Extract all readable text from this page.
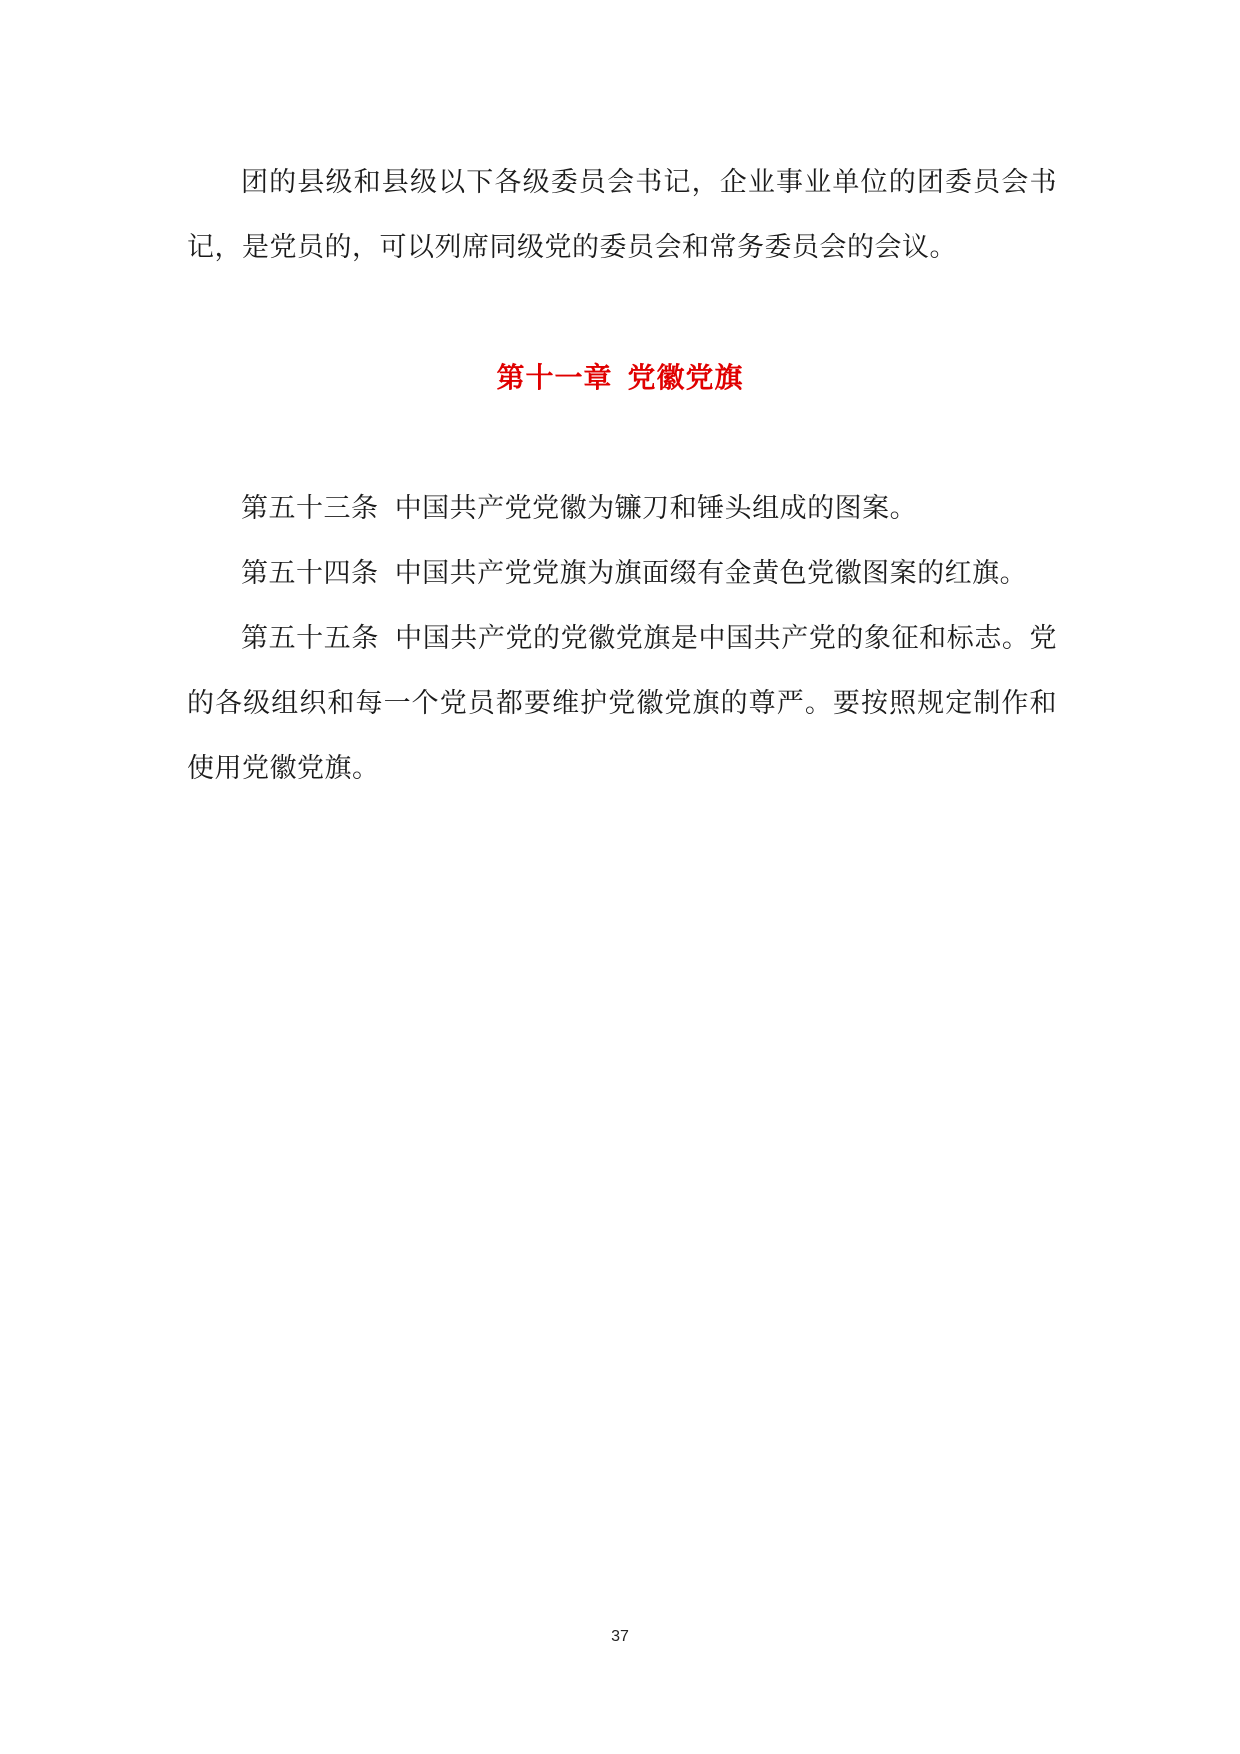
团的县级和县级以下各级委员会书记，企业事业单位的团委员会书记，是党员的，可以列席同级党的委员会和常务委员会的会议。

第十一章  党徽党旗

第五十三条 中国共产党党徽为镰刀和锤头组成的图案。

第五十四条 中国共产党党旗为旗面缀有金黄色党徽图案的红旗。

第五十五条 中国共产党的党徽党旗是中国共产党的象征和标志。党的各级组织和每一个党员都要维护党徽党旗的尊严。要按照规定制作和使用党徽党旗。

37
